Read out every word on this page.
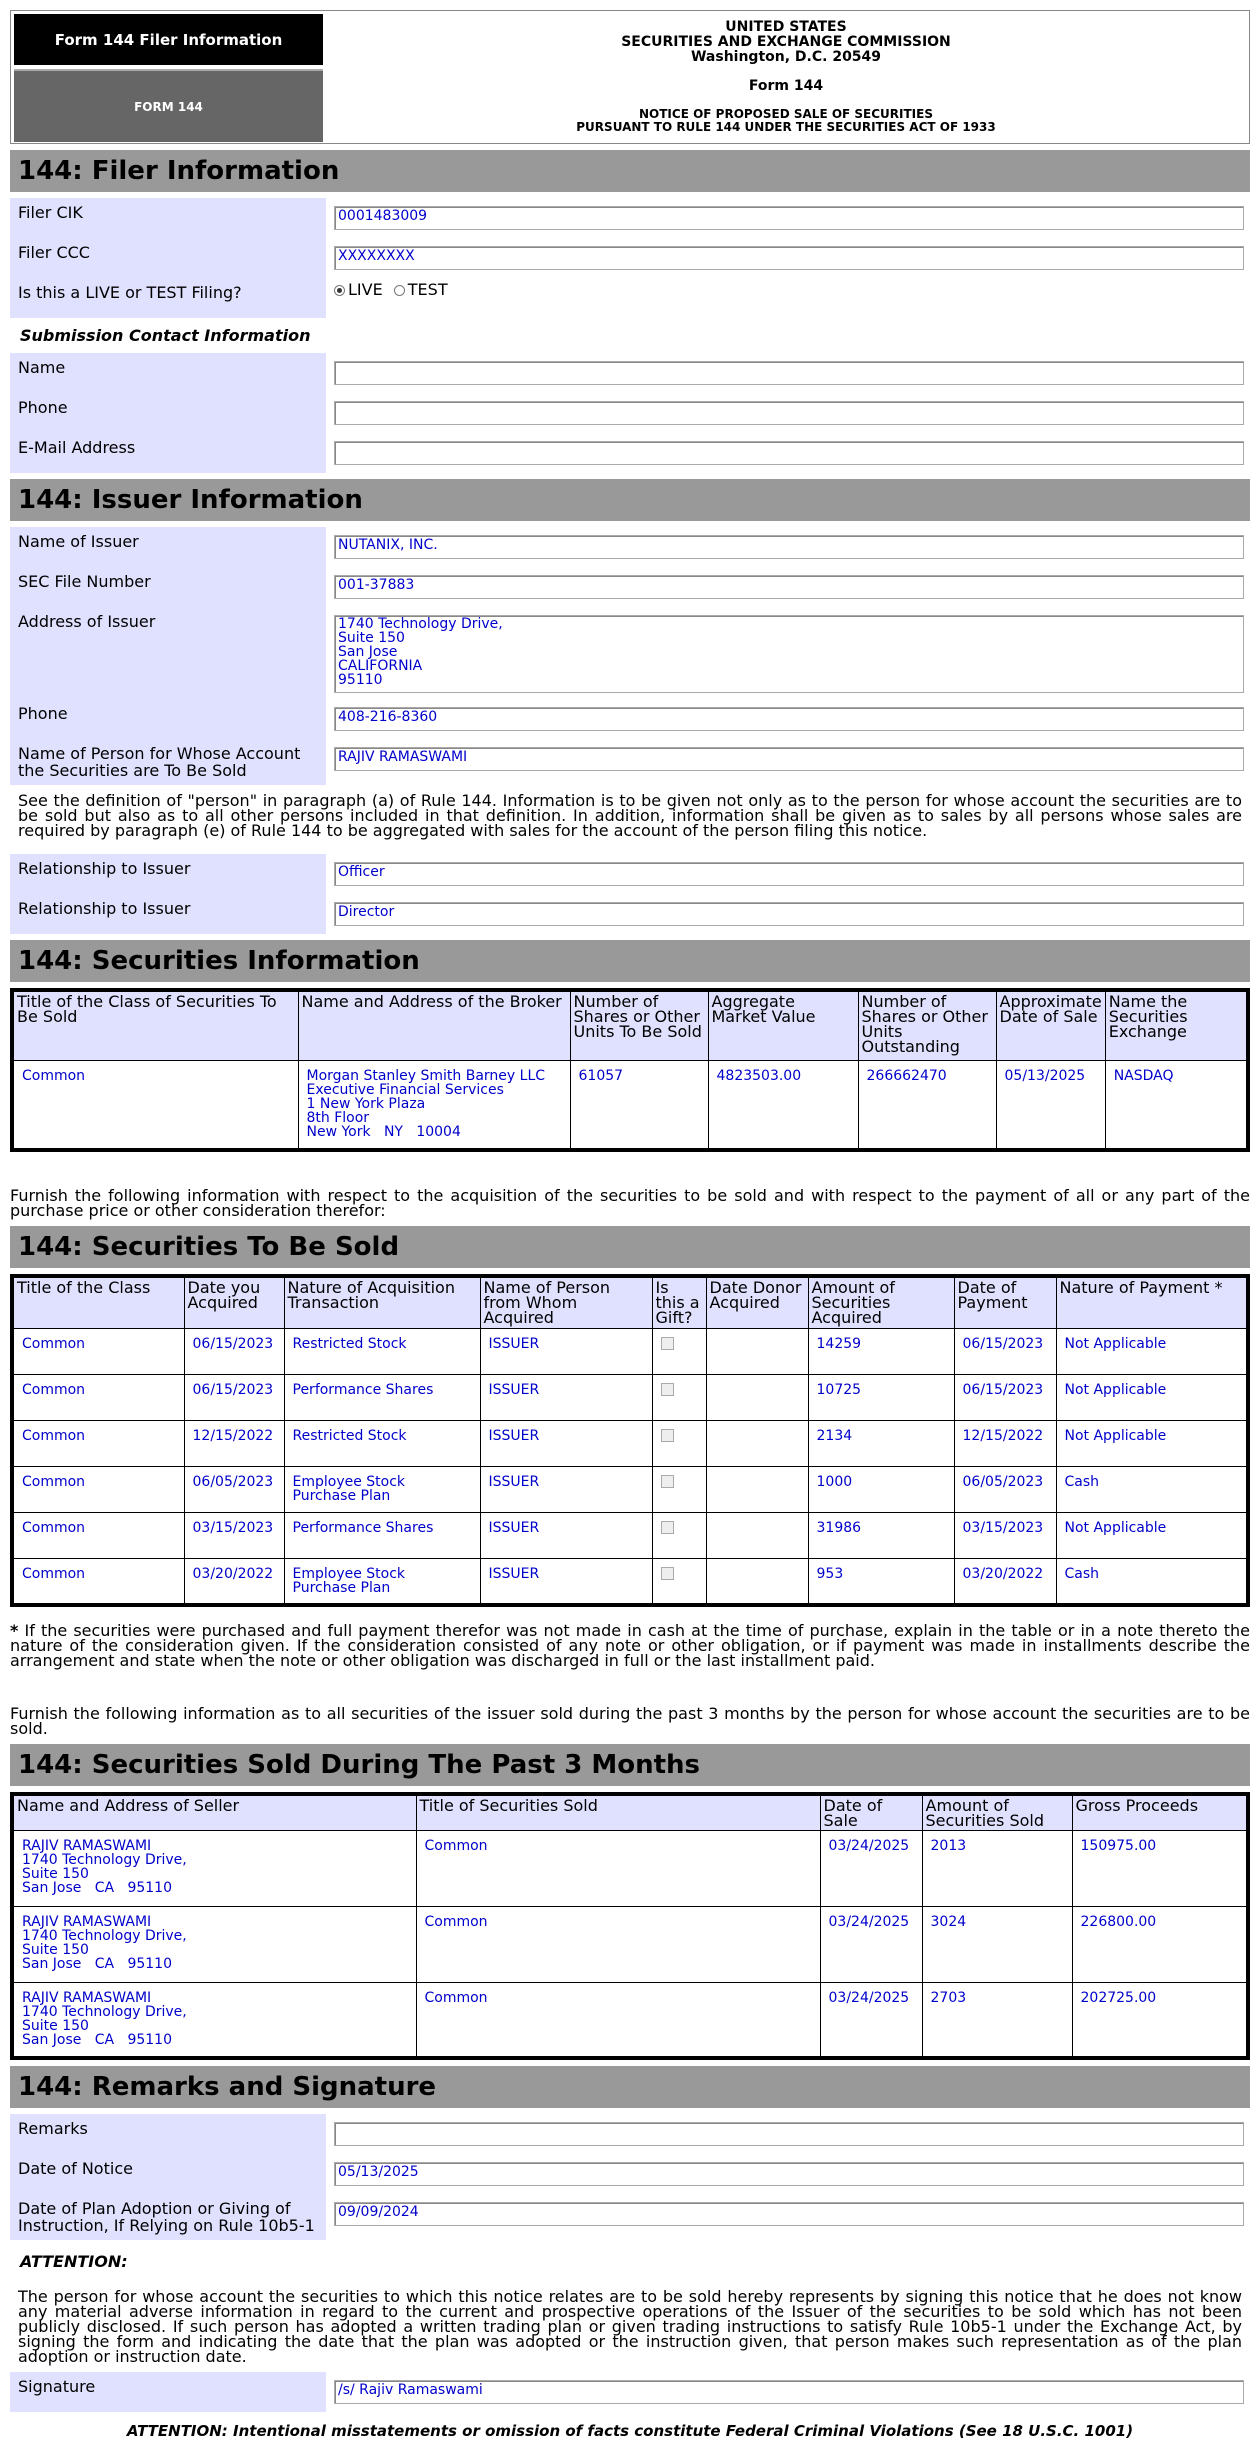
Form 144 Filer Information
FORM 144
UNITED STATES
SECURITIES AND EXCHANGE COMMISSION
Washington, D.C. 20549
Form 144
NOTICE OF PROPOSED SALE OF SECURITIES
PURSUANT TO RULE 144 UNDER THE SECURITIES ACT OF 1933
144: Filer Information
Filer CIK	0001483009
Filer CCC	XXXXXXXX
Is this a LIVE or TEST Filing?	LIVE TEST
Submission Contact Information
Name
Phone
E-Mail Address
144: Issuer Information
Name of Issuer	NUTANIX, INC.
SEC File Number	001-37883
Address of Issuer	1740 Technology Drive,
Suite 150
San Jose
CALIFORNIA
95110
Phone	408-216-8360
Name of Person for Whose Account the Securities are To Be Sold
RAJIV RAMASWAMI
See the definition of "person" in paragraph (a) of Rule 144. Information is to be given not only as to the person for whose account the securities are to be sold but also as to all other persons included in that definition. In addition, information shall be given as to sales by all persons whose sales are required by paragraph (e) of Rule 144 to be aggregated with sales for the account of the person filing this notice.
Relationship to Issuer	Officer
Relationship to Issuer	Director
144: Securities Information
Title of the Class of Securities To Be Sold	Name and Address of the Broker	Number of Shares or Other Units To Be Sold	Aggregate Market Value	Number of Shares or Other Units Outstanding	Approximate Date of Sale	Name the Securities Exchange
Common	Morgan Stanley Smith Barney LLC
Executive Financial Services
1 New York Plaza
8th Floor
New York   NY   10004	61057	4823503.00	266662470	05/13/2025	NASDAQ
Furnish the following information with respect to the acquisition of the securities to be sold and with respect to the payment of all or any part of the purchase price or other consideration therefor:
144: Securities To Be Sold
Title of the Class	Date you Acquired	Nature of Acquisition Transaction	Name of Person from Whom Acquired	Is this a Gift?	Date Donor Acquired	Amount of Securities Acquired	Date of Payment	Nature of Payment *
Common	06/15/2023	Restricted Stock	ISSUER			14259	06/15/2023	Not Applicable
Common	06/15/2023	Performance Shares	ISSUER			10725	06/15/2023	Not Applicable
Common	12/15/2022	Restricted Stock	ISSUER			2134	12/15/2022	Not Applicable
Common	06/05/2023	Employee Stock Purchase Plan	ISSUER			1000	06/05/2023	Cash
Common	03/15/2023	Performance Shares	ISSUER			31986	03/15/2023	Not Applicable
Common	03/20/2022	Employee Stock Purchase Plan	ISSUER			953	03/20/2022	Cash
* If the securities were purchased and full payment therefor was not made in cash at the time of purchase, explain in the table or in a note thereto the nature of the consideration given. If the consideration consisted of any note or other obligation, or if payment was made in installments describe the arrangement and state when the note or other obligation was discharged in full or the last installment paid.
Furnish the following information as to all securities of the issuer sold during the past 3 months by the person for whose account the securities are to be sold.
144: Securities Sold During The Past 3 Months
Name and Address of Seller	Title of Securities Sold	Date of Sale	Amount of Securities Sold	Gross Proceeds

RAJIV RAMASWAMI
1740 Technology Drive,
Suite 150
San Jose   CA   95110	Common	03/24/2025	2013	150975.00

RAJIV RAMASWAMI
1740 Technology Drive,
Suite 150
San Jose   CA   95110	Common	03/24/2025	3024	226800.00

RAJIV RAMASWAMI
1740 Technology Drive,
Suite 150
San Jose   CA   95110	Common	03/24/2025	2703	202725.00
144: Remarks and Signature
Remarks
Date of Notice	05/13/2025
Date of Plan Adoption or Giving of Instruction, If Relying on Rule 10b5-1
09/09/2024
ATTENTION:
The person for whose account the securities to which this notice relates are to be sold hereby represents by signing this notice that he does not know any material adverse information in regard to the current and prospective operations of the Issuer of the securities to be sold which has not been publicly disclosed. If such person has adopted a written trading plan or given trading instructions to satisfy Rule 10b5-1 under the Exchange Act, by signing the form and indicating the date that the plan was adopted or the instruction given, that person makes such representation as of the plan adoption or instruction date.
Signature	/s/ Rajiv Ramaswami
ATTENTION: Intentional misstatements or omission of facts constitute Federal Criminal Violations (See 18 U.S.C. 1001)
